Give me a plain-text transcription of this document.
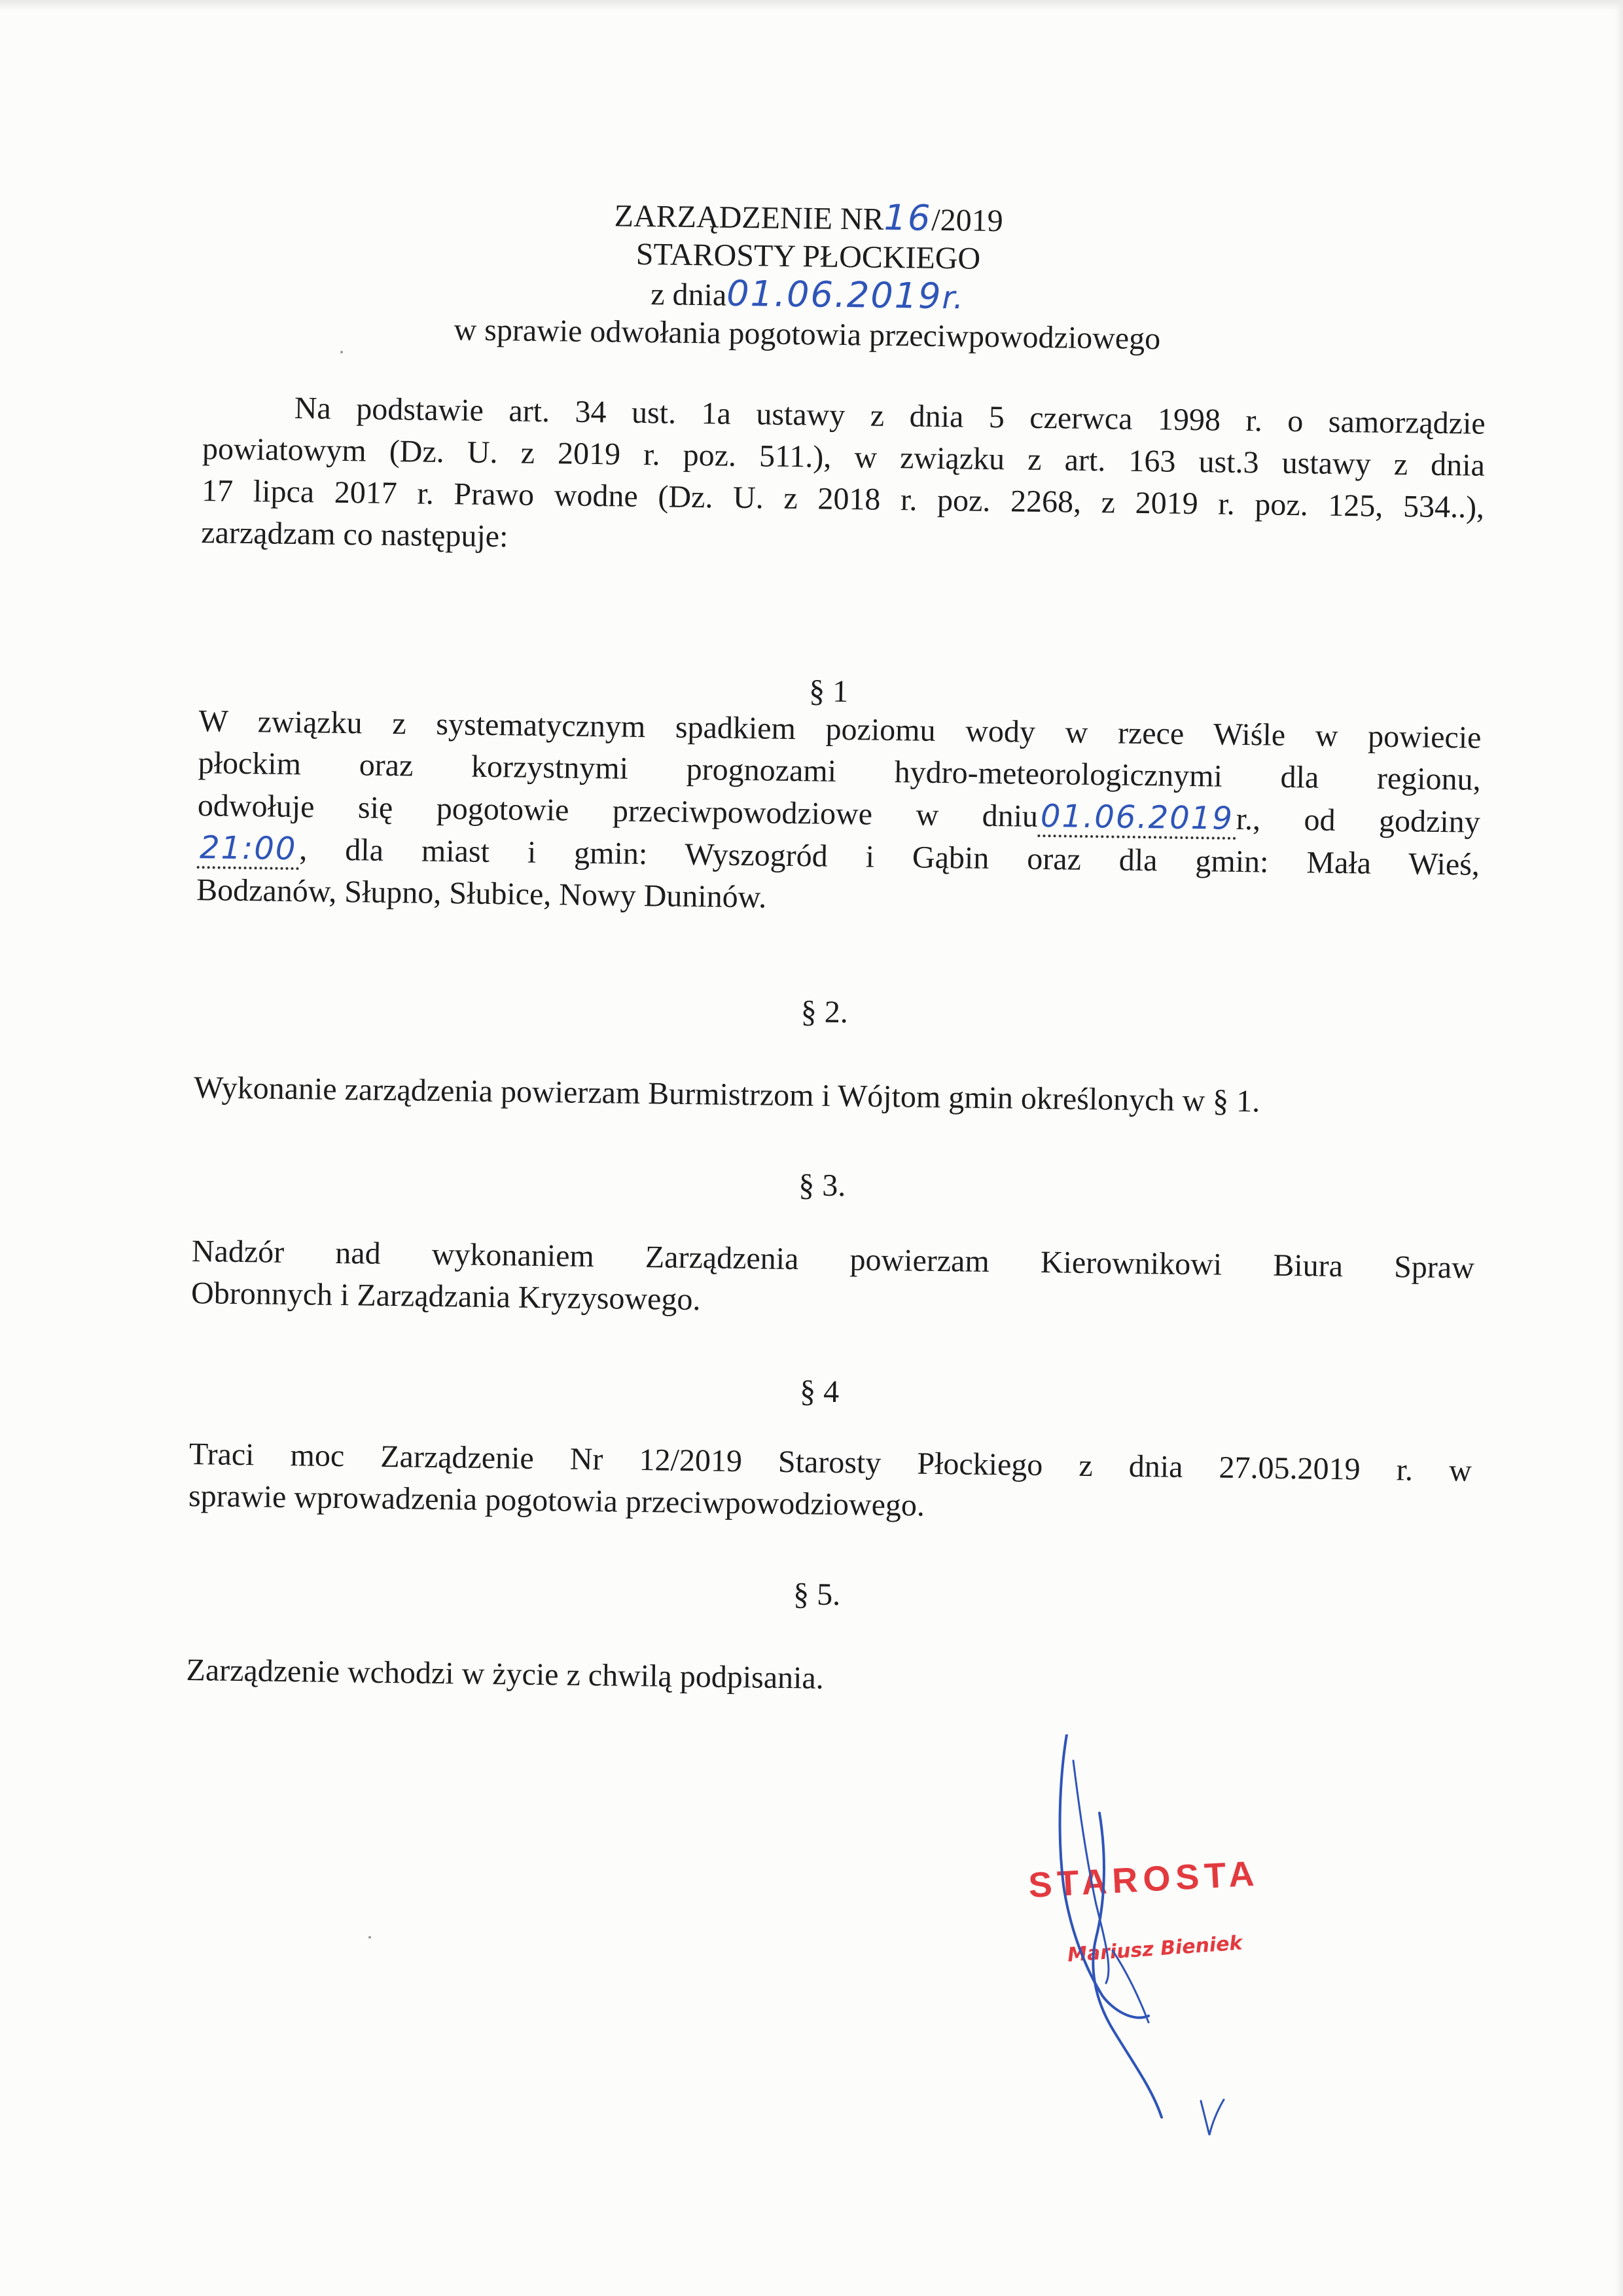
ZARZĄDZENIE NR16/2019
STAROSTY PŁOCKIEGO
z dnia01.06.2019r.
w sprawie odwołania pogotowia przeciwpowodziowego
Na podstawie art. 34 ust. 1a ustawy z dnia 5 czerwca 1998 r. o samorządzie
powiatowym (Dz. U. z 2019 r. poz. 511.), w związku z art. 163 ust.3 ustawy z dnia
17 lipca 2017 r. Prawo wodne (Dz. U. z 2018 r. poz. 2268, z 2019 r. poz. 125, 534..),
zarządzam co następuje:
§ 1
W związku z systematycznym spadkiem poziomu wody w rzece Wiśle w powiecie
płockim oraz korzystnymi prognozami hydro-meteorologicznymi dla regionu,
odwołuje się pogotowie przeciwpowodziowe w dniu01.06.2019r., od godziny
21:00, dla miast i gmin: Wyszogród i Gąbin oraz dla gmin: Mała Wieś,
Bodzanów, Słupno, Słubice, Nowy Duninów.
§ 2.
Wykonanie zarządzenia powierzam Burmistrzom i Wójtom gmin określonych w § 1.
§ 3.
Nadzór nad wykonaniem Zarządzenia powierzam Kierownikowi Biura Spraw
Obronnych i Zarządzania Kryzysowego.
§ 4
Traci moc Zarządzenie Nr 12/2019 Starosty Płockiego z dnia 27.05.2019 r. w
sprawie wprowadzenia pogotowia przeciwpowodziowego.
§ 5.
Zarządzenie wchodzi w życie z chwilą podpisania.
STAROSTA
Mariusz Bieniek
